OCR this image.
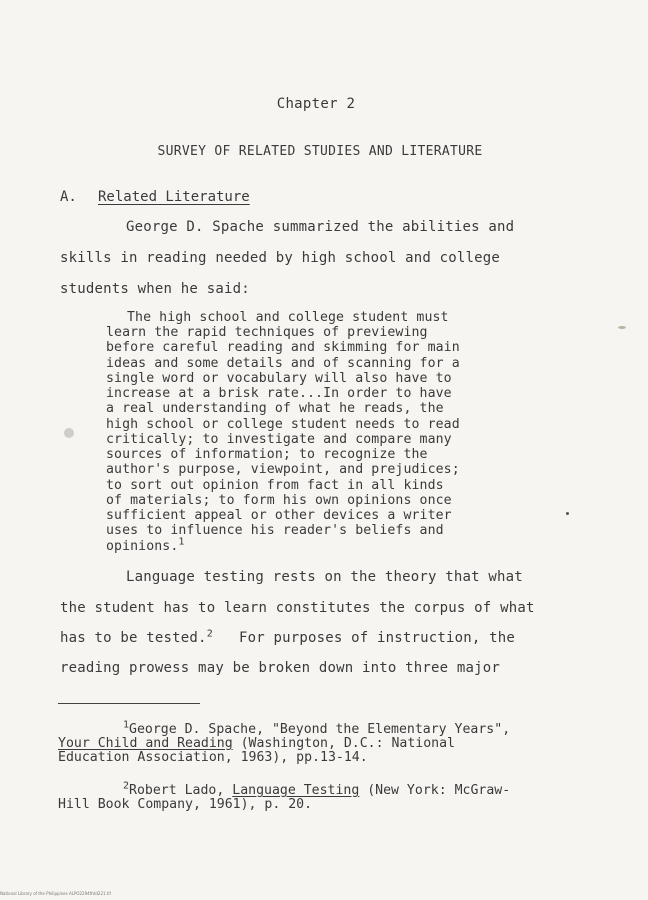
Chapter 2
SURVEY OF RELATED STUDIES AND LITERATURE
A. Related Literature
George D. Spache summarized the abilities and
skills in reading needed by high school and college
students when he said:
The high school and college student must
learn the rapid techniques of previewing
before careful reading and skimming for main
ideas and some details and of scanning for a
single word or vocabulary will also have to
increase at a brisk rate...In order to have
a real understanding of what he reads, the
high school or college student needs to read
critically; to investigate and compare many
sources of information; to recognize the
author's purpose, viewpoint, and prejudices;
to sort out opinion from fact in all kinds
of materials; to form his own opinions once
sufficient appeal or other devices a writer
uses to influence his reader's beliefs and
opinions.$^1$
Language testing rests on the theory that what
the student has to learn constitutes the corpus of what
has to be tested.$^2$ For purposes of instruction, the
reading prowess may be broken down into three major
$^1$George D. Spache, "Beyond the Elementary Years",
Your Child and Reading (Washington, D.C.: National
Education Association, 1963), pp.13-14.
$^2$Robert Lado, Language Testing (New York: McGraw-
Hill Book Company, 1961), p. 20.
National Library of the Philippines ALPO2294thtd221.tif
